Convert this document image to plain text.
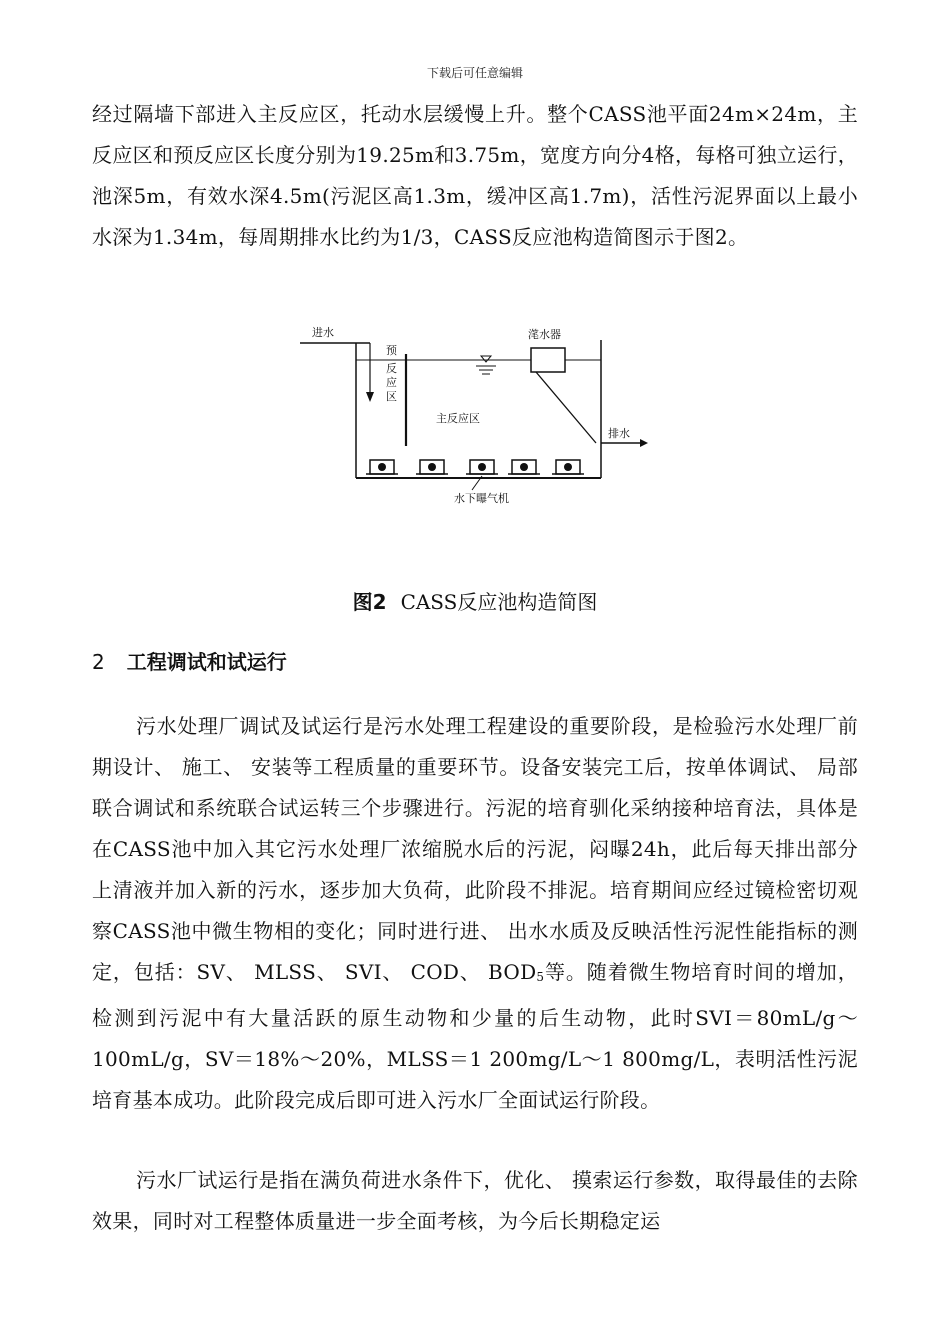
下载后可任意编辑

经过隔墙下部进入主反应区，托动水层缓慢上升。整个CASS池平面24m×24m，主反应区和预反应区长度分别为19.25m和3.75m，宽度方向分4格，每格可独立运行，池深5m，有效水深4.5m(污泥区高1.3m，缓冲区高1.7m)，活性污泥界面以上最小水深为1.34m，每周期排水比约为1/3，CASS反应池构造简图示于图2。

进水
预
反
应
区
主反应区
滗水器
排水
水下曝气机
图2 CASS反应池构造简图
2 工程调试和试运行

污水处理厂调试及试运行是污水处理工程建设的重要阶段，是检验污水处理厂前期设计、 施工、 安装等工程质量的重要环节。设备安装完工后，按单体调试、 局部联合调试和系统联合试运转三个步骤进行。污泥的培育驯化采纳接种培育法，具体是在CASS池中加入其它污水处理厂浓缩脱水后的污泥，闷曝24h，此后每天排出部分上清液并加入新的污水，逐步加大负荷，此阶段不排泥。培育期间应经过镜检密切观察CASS池中微生物相的变化；同时进行进、 出水水质及反映活性污泥性能指标的测定，包括：SV、 MLSS、 SVI、 COD、 $BOD_5$等。随着微生物培育时间的增加，检测到污泥中有大量活跃的原生动物和少量的后生动物，此时SVI＝80mL/g～100mL/g，SV＝18%～20%，MLSS＝1 200mg/L～1 800mg/L，表明活性污泥培育基本成功。此阶段完成后即可进入污水厂全面试运行阶段。

污水厂试运行是指在满负荷进水条件下，优化、 摸索运行参数，取得最佳的去除效果，同时对工程整体质量进一步全面考核，为今后长期稳定运
